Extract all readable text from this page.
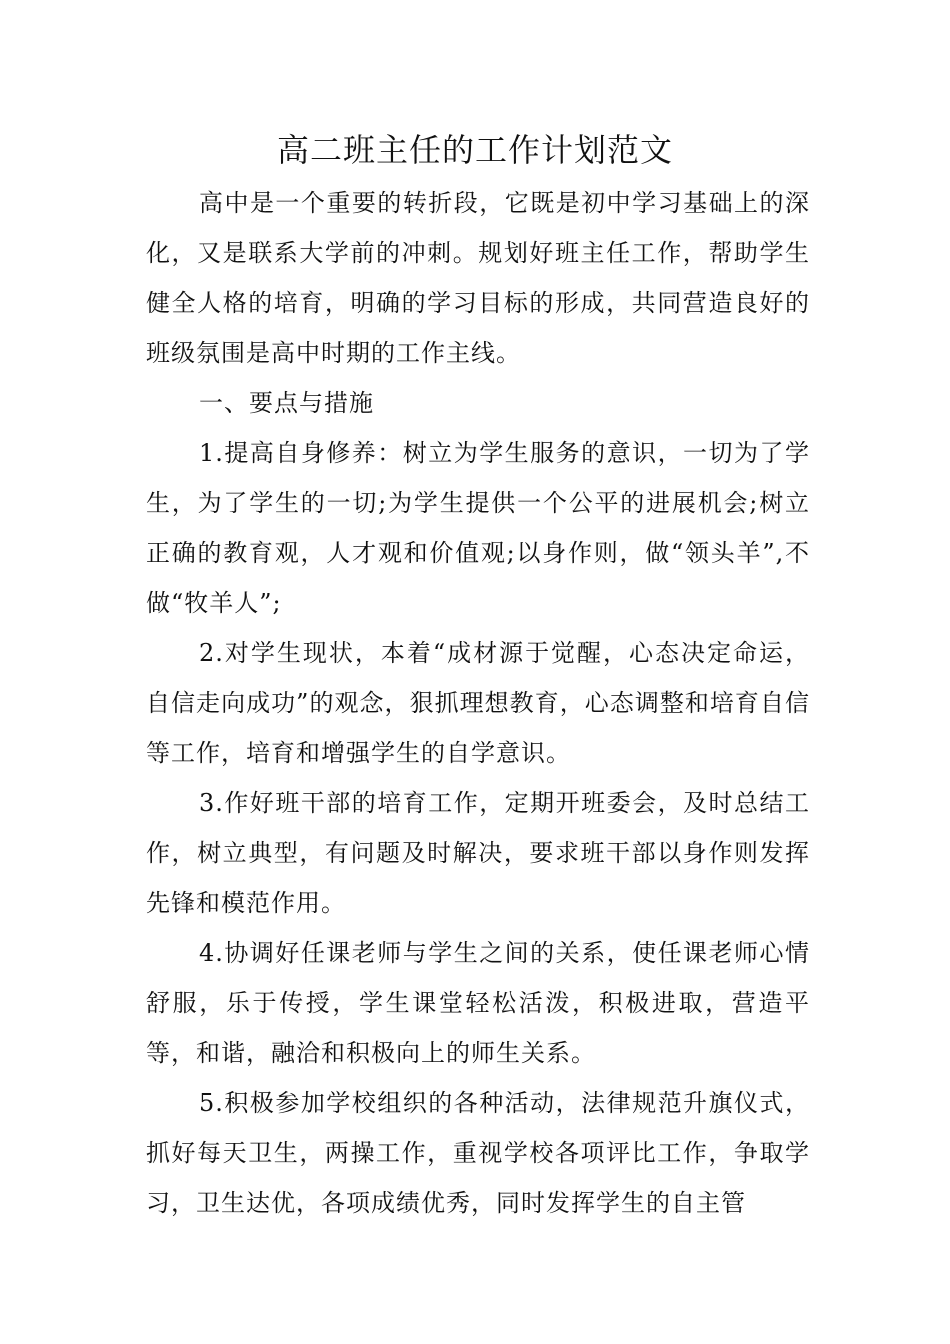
高二班主任的工作计划范文

高中是一个重要的转折段，它既是初中学习基础上的深化，又是联系大学前的冲刺。规划好班主任工作，帮助学生健全人格的培育，明确的学习目标的形成，共同营造良好的班级氛围是高中时期的工作主线。

一、要点与措施

1.提高自身修养：树立为学生服务的意识，一切为了学生，为了学生的一切;为学生提供一个公平的进展机会;树立正确的教育观，人才观和价值观;以身作则，做“领头羊”,不做“牧羊人”;

2.对学生现状，本着“成材源于觉醒，心态决定命运，自信走向成功”的观念，狠抓理想教育，心态调整和培育自信等工作，培育和增强学生的自学意识。

3.作好班干部的培育工作，定期开班委会，及时总结工作，树立典型，有问题及时解决，要求班干部以身作则发挥先锋和模范作用。

4.协调好任课老师与学生之间的关系，使任课老师心情舒服，乐于传授，学生课堂轻松活泼，积极进取，营造平等，和谐，融洽和积极向上的师生关系。

5.积极参加学校组织的各种活动，法律规范升旗仪式，抓好每天卫生，两操工作，重视学校各项评比工作，争取学习，卫生达优，各项成绩优秀，同时发挥学生的自主管
